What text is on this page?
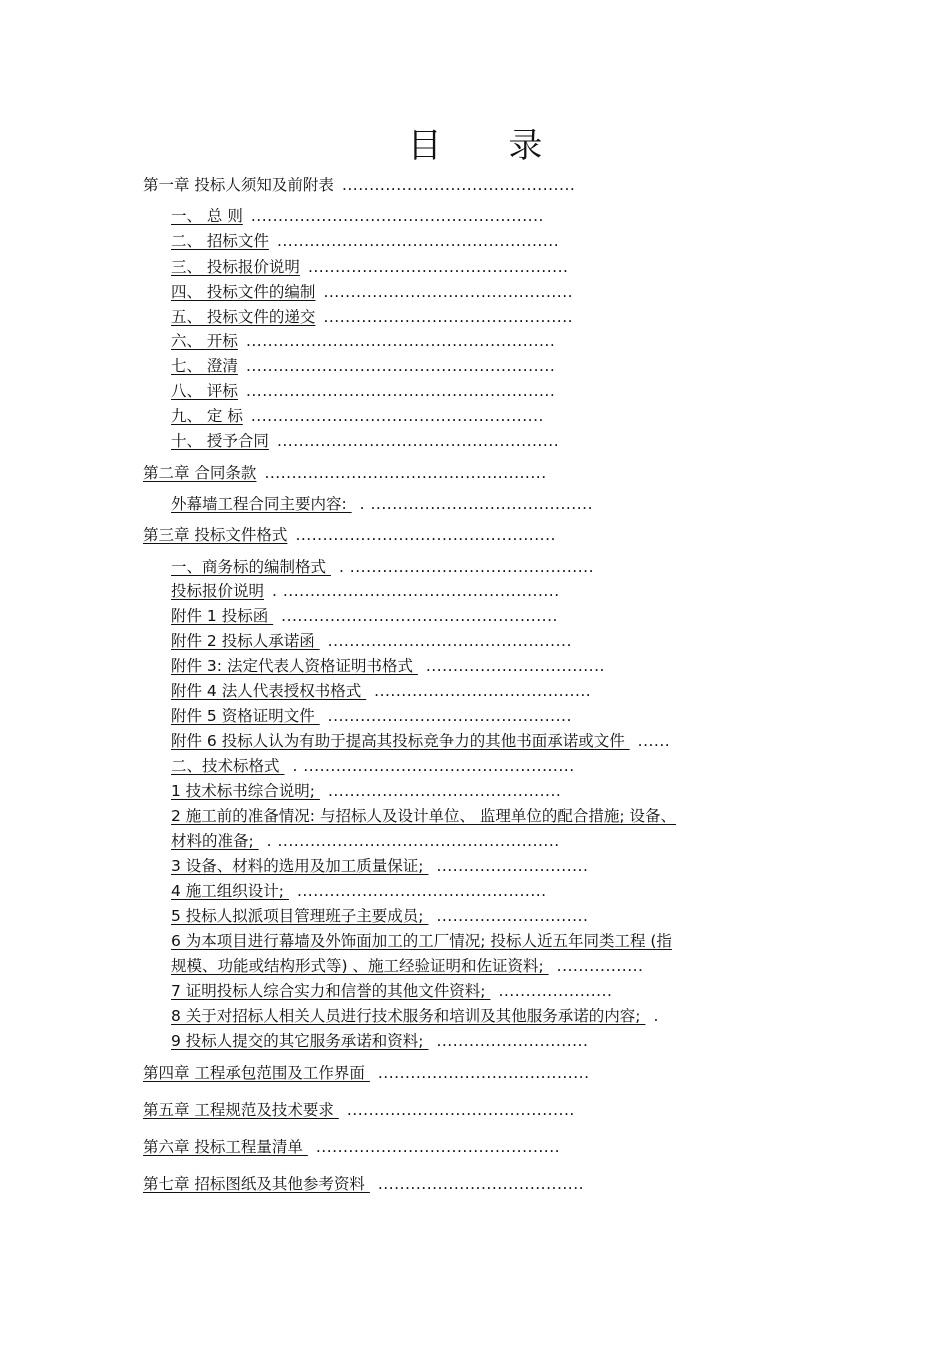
目 录
第一章 投标人须知及前附表 ...........................................
一、 总 则 ......................................................
二、 招标文件 ....................................................
三、 投标报价说明 ................................................
四、 投标文件的编制 ..............................................
五、 投标文件的递交 ..............................................
六、 开标 .........................................................
七、 澄清 .........................................................
八、 评标 .........................................................
九、 定 标 ......................................................
十、 授予合同 ....................................................
第二章 合同条款 ....................................................
外幕墙工程合同主要内容: . .........................................
第三章 投标文件格式 ................................................
一、商务标的编制格式 . .............................................
投标报价说明 . ...................................................
附件 1 投标函 ...................................................
附件 2 投标人承诺函 .............................................
附件 3: 法定代表人资格证明书格式 .................................
附件 4 法人代表授权书格式 ........................................
附件 5 资格证明文件 .............................................
附件 6 投标人认为有助于提高其投标竞争力的其他书面承诺或文件 ......
二、技术标格式 . ..................................................
1 技术标书综合说明; ...........................................
2 施工前的准备情况: 与招标人及设计单位、 监理单位的配合措施; 设备、
材料的准备; . ....................................................
3 设备、材料的选用及加工质量保证; ............................
4 施工组织设计; ..............................................
5 投标人拟派项目管理班子主要成员; ............................
6 为本项目进行幕墙及外饰面加工的工厂情况; 投标人近五年同类工程 (指
规模、功能或结构形式等) 、施工经验证明和佐证资料; ................
7 证明投标人综合实力和信誉的其他文件资料; .....................
8 关于对招标人相关人员进行技术服务和培训及其他服务承诺的内容; .
9 投标人提交的其它服务承诺和资料; ............................
第四章 工程承包范围及工作界面 .......................................
第五章 工程规范及技术要求 ..........................................
第六章 投标工程量清单 .............................................
第七章 招标图纸及其他参考资料 ......................................
